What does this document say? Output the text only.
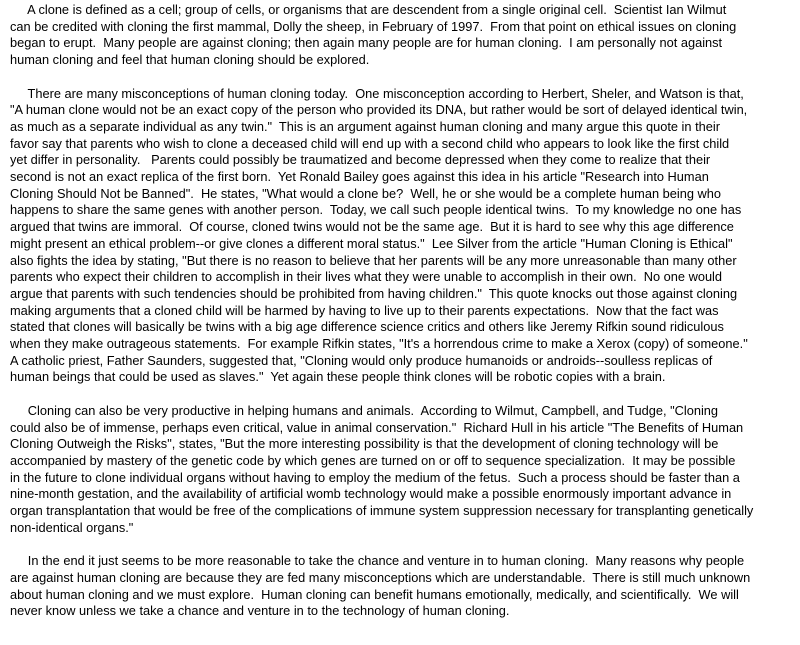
A clone is defined as a cell; group of cells, or organisms that are descendent from a single original cell.  Scientist Ian Wilmut
can be credited with cloning the first mammal, Dolly the sheep, in February of 1997.  From that point on ethical issues on cloning
began to erupt.  Many people are against cloning; then again many people are for human cloning.  I am personally not against
human cloning and feel that human cloning should be explored.
There are many misconceptions of human cloning today.  One misconception according to Herbert, Sheler, and Watson is that,
"A human clone would not be an exact copy of the person who provided its DNA, but rather would be sort of delayed identical twin,
as much as a separate individual as any twin."  This is an argument against human cloning and many argue this quote in their
favor say that parents who wish to clone a deceased child will end up with a second child who appears to look like the first child
yet differ in personality.   Parents could possibly be traumatized and become depressed when they come to realize that their
second is not an exact replica of the first born.  Yet Ronald Bailey goes against this idea in his article "Research into Human
Cloning Should Not be Banned".  He states, "What would a clone be?  Well, he or she would be a complete human being who
happens to share the same genes with another person.  Today, we call such people identical twins.  To my knowledge no one has
argued that twins are immoral.  Of course, cloned twins would not be the same age.  But it is hard to see why this age difference
might present an ethical problem--or give clones a different moral status."  Lee Silver from the article "Human Cloning is Ethical"
also fights the idea by stating, "But there is no reason to believe that her parents will be any more unreasonable than many other
parents who expect their children to accomplish in their lives what they were unable to accomplish in their own.  No one would
argue that parents with such tendencies should be prohibited from having children."  This quote knocks out those against cloning
making arguments that a cloned child will be harmed by having to live up to their parents expectations.  Now that the fact was
stated that clones will basically be twins with a big age difference science critics and others like Jeremy Rifkin sound ridiculous
when they make outrageous statements.  For example Rifkin states, "It's a horrendous crime to make a Xerox (copy) of someone."
A catholic priest, Father Saunders, suggested that, "Cloning would only produce humanoids or androids--soulless replicas of
human beings that could be used as slaves."  Yet again these people think clones will be robotic copies with a brain.
Cloning can also be very productive in helping humans and animals.  According to Wilmut, Campbell, and Tudge, "Cloning
could also be of immense, perhaps even critical, value in animal conservation."  Richard Hull in his article "The Benefits of Human
Cloning Outweigh the Risks", states, "But the more interesting possibility is that the development of cloning technology will be
accompanied by mastery of the genetic code by which genes are turned on or off to sequence specialization.  It may be possible
in the future to clone individual organs without having to employ the medium of the fetus.  Such a process should be faster than a
nine-month gestation, and the availability of artificial womb technology would make a possible enormously important advance in
organ transplantation that would be free of the complications of immune system suppression necessary for transplanting genetically
non-identical organs."
In the end it just seems to be more reasonable to take the chance and venture in to human cloning.  Many reasons why people
are against human cloning are because they are fed many misconceptions which are understandable.  There is still much unknown
about human cloning and we must explore.  Human cloning can benefit humans emotionally, medically, and scientifically.  We will
never know unless we take a chance and venture in to the technology of human cloning.
